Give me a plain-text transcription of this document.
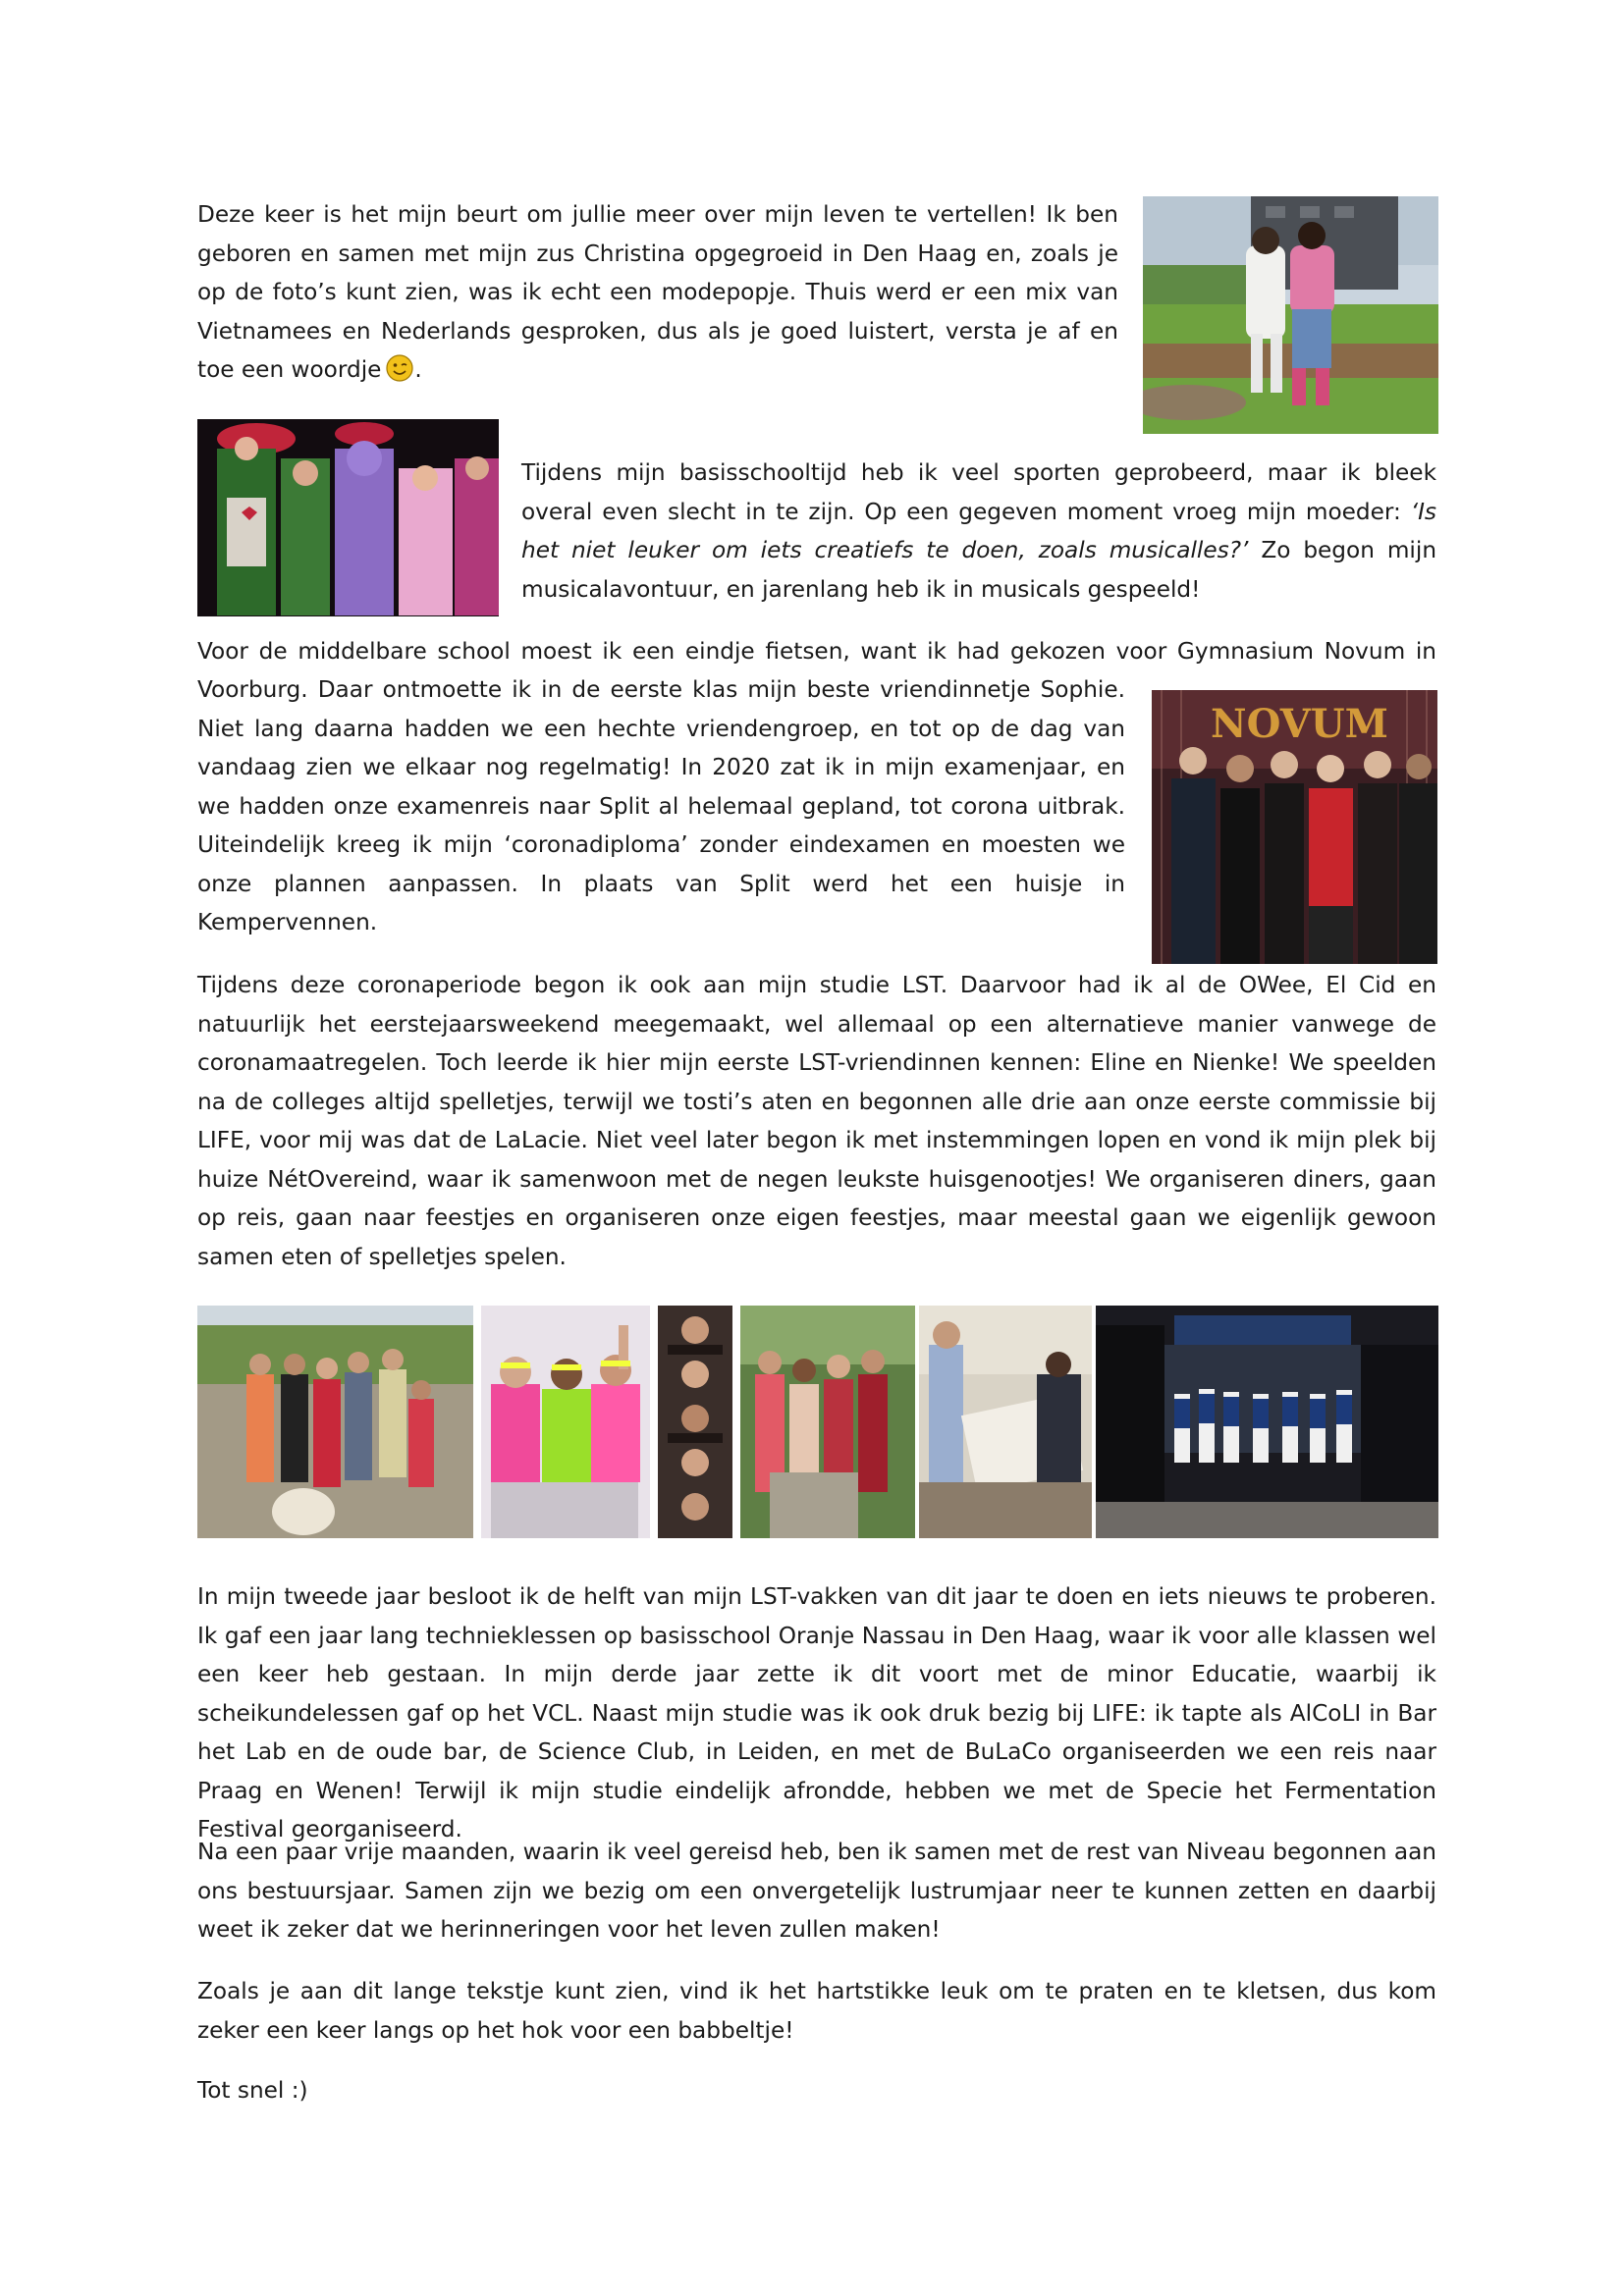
Deze keer is het mijn beurt om jullie meer over mijn leven te vertellen! Ik ben geboren en samen met mijn zus Christina opgegroeid in Den Haag en, zoals je op de foto’s kunt zien, was ik echt een modepopje. Thuis werd er een mix van Vietnamees en Nederlands gesproken, dus als je goed luistert, versta je af en toe een woordje .
Tijdens mijn basisschooltijd heb ik veel sporten geprobeerd, maar ik bleek overal even slecht in te zijn. Op een gegeven moment vroeg mijn moeder: ‘Is het niet leuker om iets creatiefs te doen, zoals musicalles?’ Zo begon mijn musicalavontuur, en jarenlang heb ik in musicals gespeeld!
Voor de middelbare school moest ik een eindje fietsen, want ik had gekozen voor Gymnasium Novum in
Voorburg. Daar ontmoette ik in de eerste klas mijn beste vriendinnetje Sophie. Niet lang daarna hadden we een hechte vriendengroep, en tot op de dag van vandaag zien we elkaar nog regelmatig! In 2020 zat ik in mijn examenjaar, en we hadden onze examenreis naar Split al helemaal gepland, tot corona uitbrak. Uiteindelijk kreeg ik mijn ‘coronadiploma’ zonder eindexamen en moesten we onze plannen aanpassen. In plaats van Split werd het een huisje in Kempervennen.
NOVUM
Tijdens deze coronaperiode begon ik ook aan mijn studie LST. Daarvoor had ik al de OWee, El Cid en natuurlijk het eerstejaarsweekend meegemaakt, wel allemaal op een alternatieve manier vanwege de coronamaatregelen. Toch leerde ik hier mijn eerste LST-vriendinnen kennen: Eline en Nienke! We speelden na de colleges altijd spelletjes, terwijl we tosti’s aten en begonnen alle drie aan onze eerste commissie bij LIFE, voor mij was dat de LaLacie. Niet veel later begon ik met instemmingen lopen en vond ik mijn plek bij huize NétOvereind, waar ik samenwoon met de negen leukste huisgenootjes! We organiseren diners, gaan op reis, gaan naar feestjes en organiseren onze eigen feestjes, maar meestal gaan we eigenlijk gewoon samen eten of spelletjes spelen.
In mijn tweede jaar besloot ik de helft van mijn LST-vakken van dit jaar te doen en iets nieuws te proberen. Ik gaf een jaar lang technieklessen op basisschool Oranje Nassau in Den Haag, waar ik voor alle klassen wel een keer heb gestaan. In mijn derde jaar zette ik dit voort met de minor Educatie, waarbij ik scheikundelessen gaf op het VCL. Naast mijn studie was ik ook druk bezig bij LIFE: ik tapte als AlCoLI in Bar het Lab en de oude bar, de Science Club, in Leiden, en met de BuLaCo organiseerden we een reis naar Praag en Wenen! Terwijl ik mijn studie eindelijk afrondde, hebben we met de Specie het Fermentation Festival georganiseerd.
Na een paar vrije maanden, waarin ik veel gereisd heb, ben ik samen met de rest van Niveau begonnen aan ons bestuursjaar. Samen zijn we bezig om een onvergetelijk lustrumjaar neer te kunnen zetten en daarbij weet ik zeker dat we herinneringen voor het leven zullen maken!
Zoals je aan dit lange tekstje kunt zien, vind ik het hartstikke leuk om te praten en te kletsen, dus kom zeker een keer langs op het hok voor een babbeltje!
Tot snel :)
